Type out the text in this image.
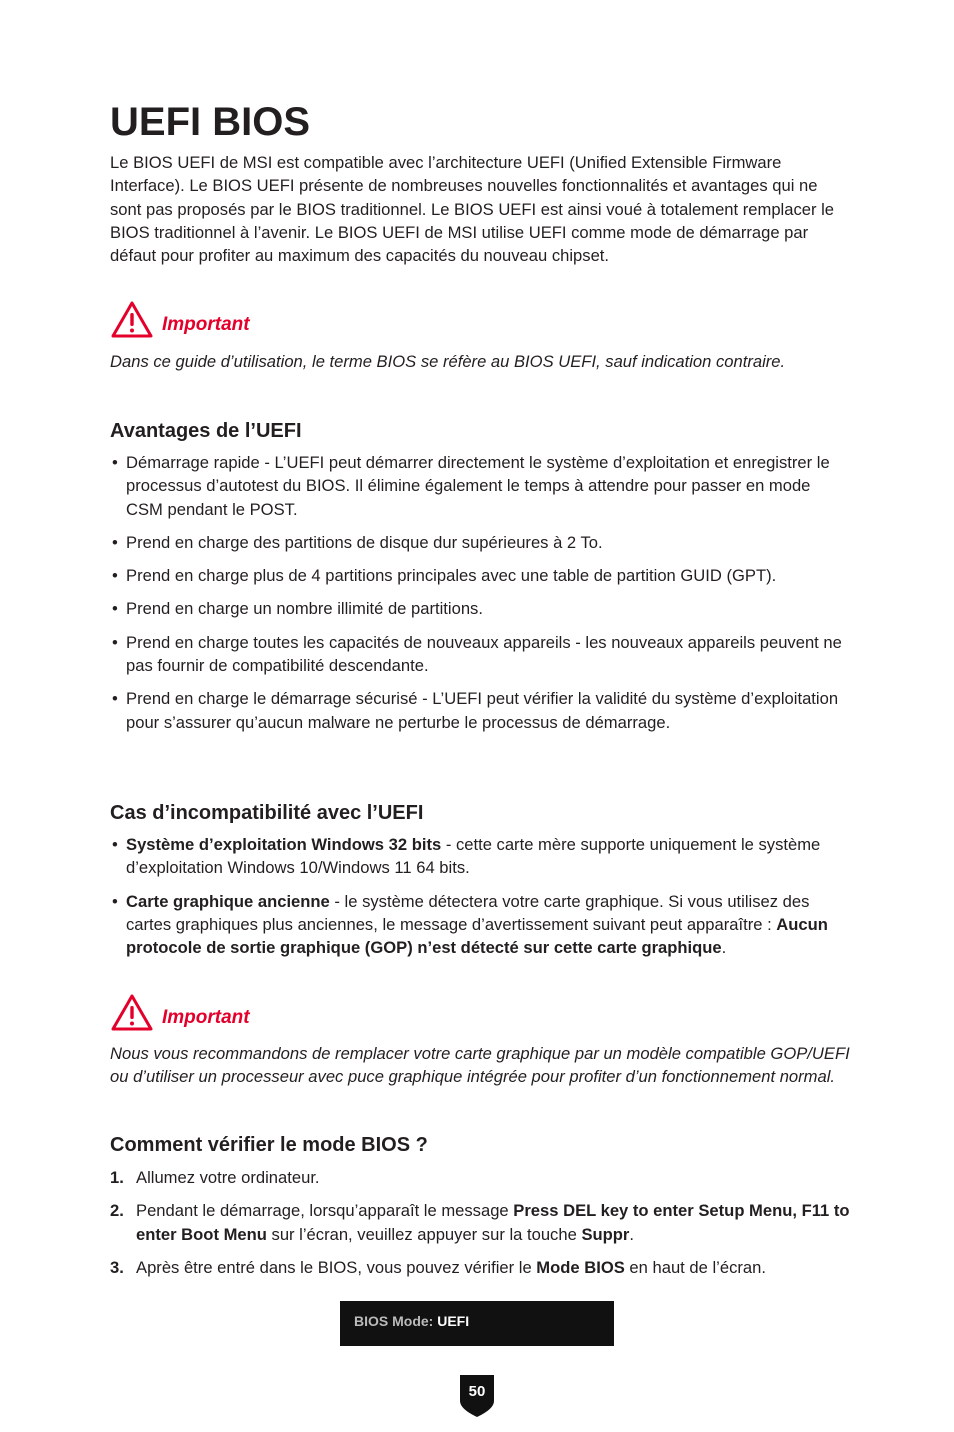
UEFI BIOS

Le BIOS UEFI de MSI est compatible avec l’architecture UEFI (Unified Extensible Firmware Interface). Le BIOS UEFI présente de nombreuses nouvelles fonctionnalités et avantages qui ne sont pas proposés par le BIOS traditionnel. Le BIOS UEFI est ainsi voué à totalement remplacer le BIOS traditionnel à l’avenir. Le BIOS UEFI de MSI utilise UEFI comme mode de démarrage par défaut pour profiter au maximum des capacités du nouveau chipset.

Important

Dans ce guide d’utilisation, le terme BIOS se réfère au BIOS UEFI, sauf indication contraire.

Avantages de l’UEFI
• Démarrage rapide - L’UEFI peut démarrer directement le système d’exploitation et enregistrer le processus d’autotest du BIOS. Il élimine également le temps à attendre pour passer en mode CSM pendant le POST.
• Prend en charge des partitions de disque dur supérieures à 2 To.
• Prend en charge plus de 4 partitions principales avec une table de partition GUID (GPT).
• Prend en charge un nombre illimité de partitions.
• Prend en charge toutes les capacités de nouveaux appareils - les nouveaux appareils peuvent ne pas fournir de compatibilité descendante.
• Prend en charge le démarrage sécurisé - L’UEFI peut vérifier la validité du système d’exploitation pour s’assurer qu’aucun malware ne perturbe le processus de démarrage.
Cas d’incompatibilité avec l’UEFI
• Système d’exploitation Windows 32 bits - cette carte mère supporte uniquement le système d’exploitation Windows 10/Windows 11 64 bits.
• Carte graphique ancienne - le système détectera votre carte graphique. Si vous utilisez des cartes graphiques plus anciennes, le message d’avertissement suivant peut apparaître : Aucun protocole de sortie graphique (GOP) n’est détecté sur cette carte graphique.
Important

Nous vous recommandons de remplacer votre carte graphique par un modèle compatible GOP/UEFI ou d’utiliser un processeur avec puce graphique intégrée pour profiter d’un fonctionnement normal.

Comment vérifier le mode BIOS ?
1. Allumez votre ordinateur.
2. Pendant le démarrage, lorsqu’apparaît le message Press DEL key to enter Setup Menu, F11 to enter Boot Menu sur l’écran, veuillez appuyer sur la touche Suppr.
3. Après être entré dans le BIOS, vous pouvez vérifier le Mode BIOS en haut de l’écran.
BIOS Mode: UEFI
50
